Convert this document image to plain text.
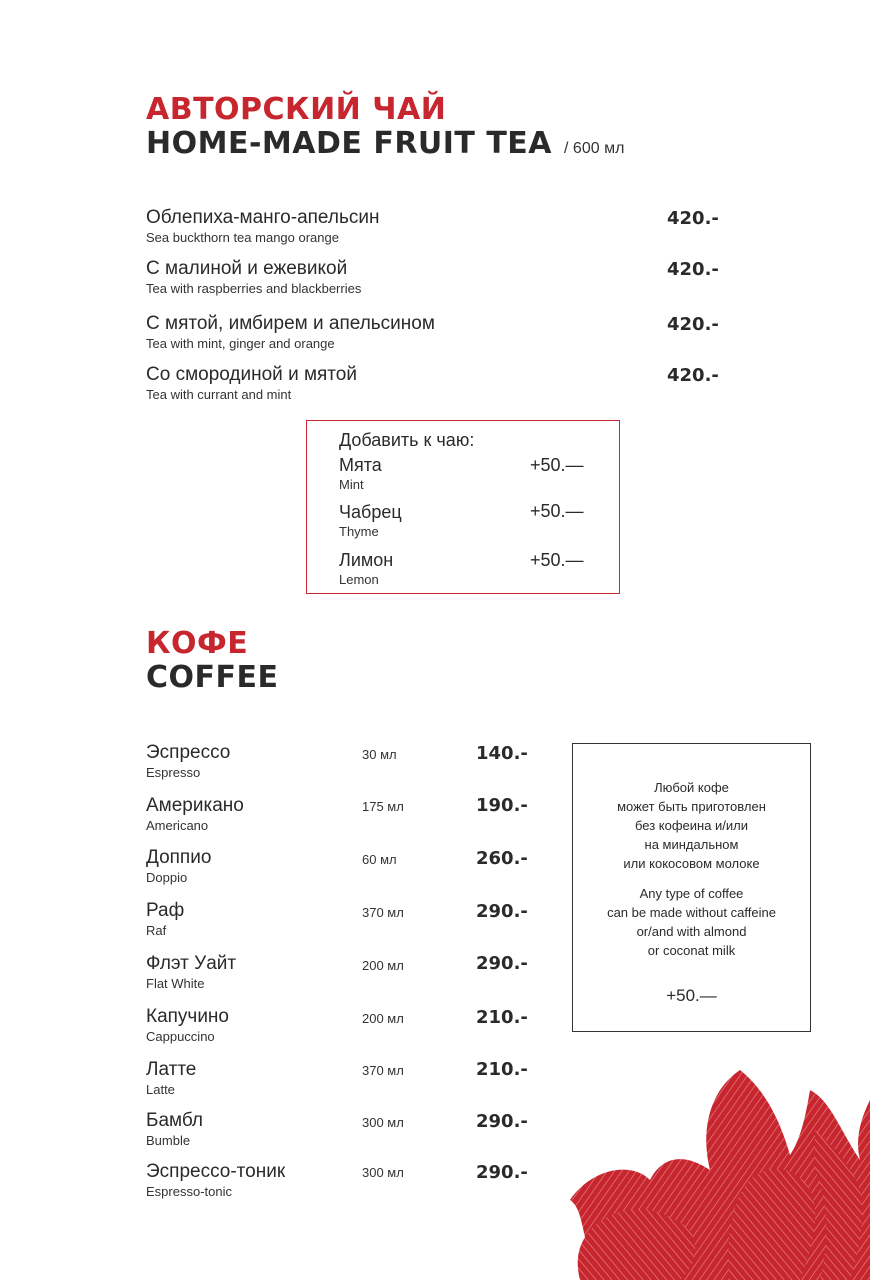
АВТОРСКИЙ ЧАЙ
HOME-MADE FRUIT TEA / 600 мл
Облепиха-манго-апельсин
Sea buckthorn tea mango orange
420.-
С малиной и ежевикой
Tea with raspberries and blackberries
420.-
С мятой, имбирем и апельсином
Tea with mint, ginger and orange
420.-
Со смородиной и мятой
Tea with currant and mint
420.-
Добавить к чаю:
Мята
Mint
+50.—
Чабрец
Thyme
+50.—
Лимон
Lemon
+50.—
КОФЕ
COFFEE
Эспрессо
Espresso
30 мл	140.-
Американо
Americano
175 мл	190.-
Доппио
Doppio
60 мл	260.-
Раф
Raf
370 мл	290.-
Флэт Уайт
Flat White
200 мл	290.-
Капучино
Cappuccino
200 мл	210.-
Латте
Latte
370 мл	210.-
Бамбл
Bumble
300 мл	290.-
Эспрессо-тоник
Espresso-tonic
300 мл	290.-
Любой кофе
может быть приготовлен
без кофеина и/или
на миндальном
или кокосовом молоке
Any type of coffee
can be made without caffeine
or/and with almond
or coconat milk
+50.—
